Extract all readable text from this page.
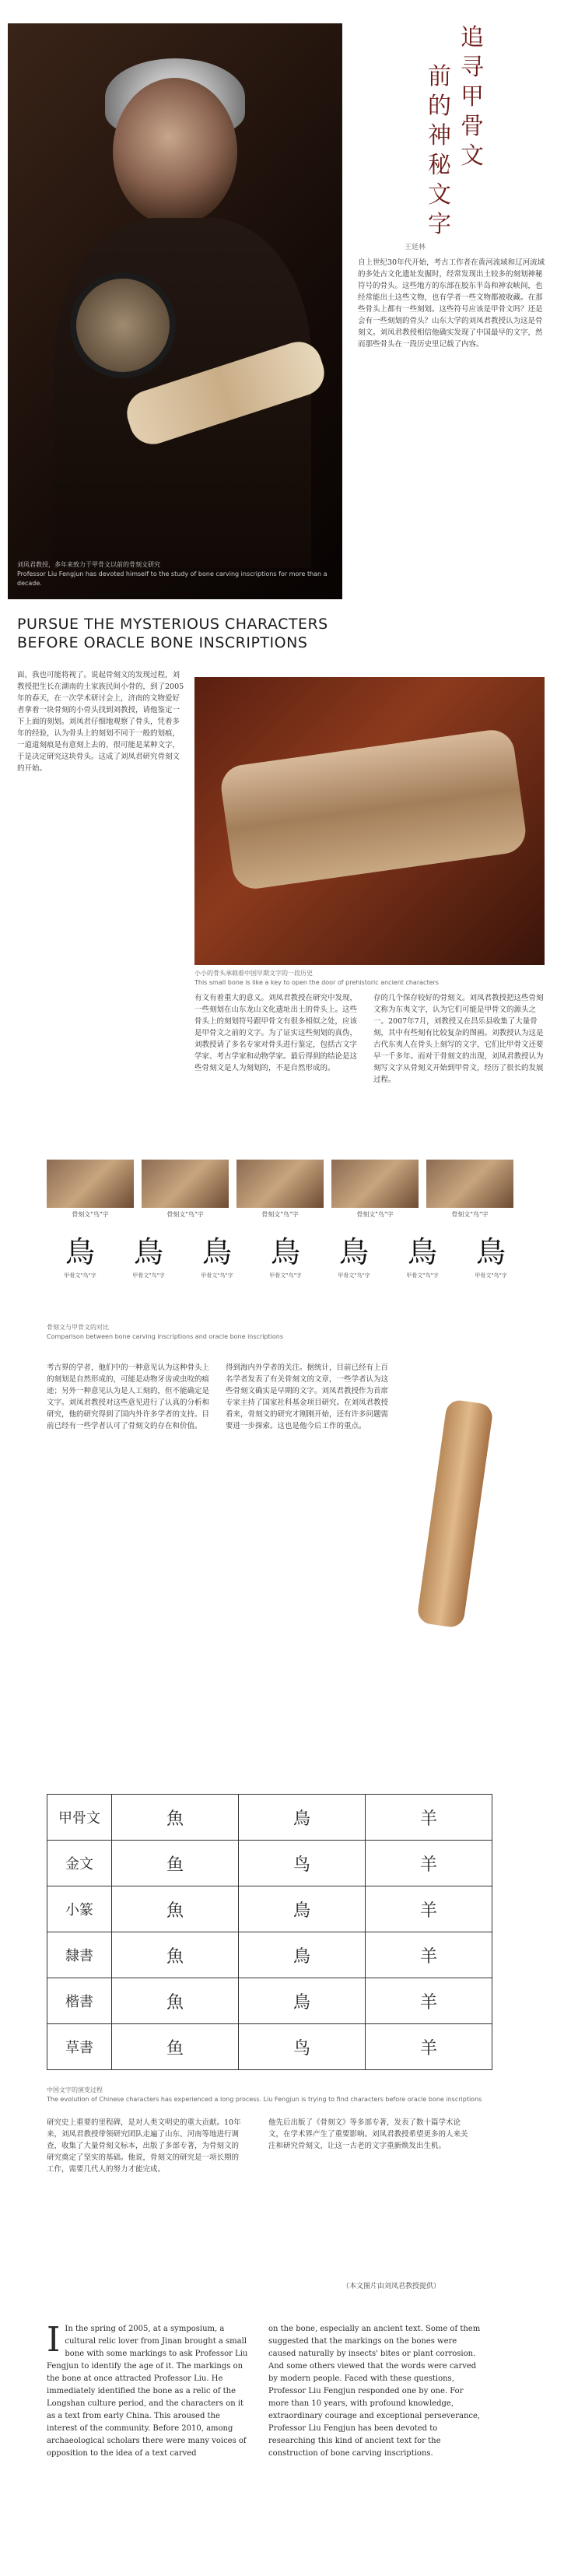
刘凤君教授，多年来致力于甲骨文以前的骨刻文研究
Professor Liu Fengjun has devoted himself to the study of bone carving inscriptions for more than a decade.
追寻甲骨文
前的神秘文字
王延林
自上世纪30年代开始，考古工作者在黄河流域和辽河流域的多处古文化遗址发掘时，经常发现出土较多的刻划神秘符号的骨头。这些地方的东部在胶东半岛和神农峡间，也经常能出土这些文物，也有学者一些文物都被收藏。在那些骨头上都有一些刻划。这些符号应该是甲骨文吗？还是会有一些刻划的骨头？山东大学的刘凤君教授认为这是骨刻文。刘凤君教授相信他确实发现了中国最早的文字，然而那些骨头在一段历史里记载了内容。
PURSUE THE MYSTERIOUS CHARACTERS
BEFORE ORACLE BONE INSCRIPTIONS
面，我也可能将视了。说起骨刻文的发现过程，刘教授把生长在湖南的土家族民间小骨的，到了2005年的春天，在一次学术研讨会上，济南的文物爱好者拿着一块骨刻的小骨头找到刘教授，请他鉴定一下上面的刻划。刘凤君仔细地观察了骨头，凭着多年的经验，认为骨头上的刻划不同于一般的划痕，一道道刻痕是有意刻上去的，很可能是某种文字，于是决定研究这块骨头。这成了刘凤君研究骨刻文的开始。
小小的骨头承载着中国早期文字的一段历史
This small bone is like a key to open the door of prehistoric ancient characters
有文有着重大的意义。刘凤君教授在研究中发现，一些刻划在山东龙山文化遗址出土的骨头上。这些骨头上的刻划符号跟甲骨文有很多相似之处，应该是甲骨文之前的文字。为了证实这些刻划的真伪，刘教授请了多名专家对骨头进行鉴定，包括古文字学家、考古学家和动物学家。最后得到的结论是这些骨刻文是人为刻划的，不是自然形成的。
存的几个保存较好的骨刻文。刘凤君教授把这些骨刻文称为东夷文字，认为它们可能是甲骨文的源头之一。2007年7月，刘教授又在昌乐县收集了大量骨刻，其中有些刻有比较复杂的图画。刘教授认为这是古代东夷人在骨头上刻写的文字，它们比甲骨文还要早一千多年。而对于骨刻文的出现，刘凤君教授认为刻写文字从骨刻文开始到甲骨文，经历了很长的发展过程。
骨刻文"鸟"字	骨刻文"鸟"字	骨刻文"鸟"字	骨刻文"鸟"字	骨刻文"鸟"字
鳥
甲骨文"鸟"字
鳥
甲骨文"鸟"字
鳥
甲骨文"鸟"字
鳥
甲骨文"鸟"字
鳥
甲骨文"鸟"字
鳥
甲骨文"鸟"字
鳥
甲骨文"鸟"字
骨刻文与甲骨文的对比
Comparison between bone carving inscriptions and oracle bone inscriptions
考古界的学者，他们中的一种意见认为这种骨头上的刻划是自然形成的，可能是动物牙齿或虫咬的痕迹；另外一种意见认为是人工刻的，但不能确定是文字。刘凤君教授对这些意见进行了认真的分析和研究，他的研究得到了国内外许多学者的支持。目前已经有一些学者认可了骨刻文的存在和价值。
得到海内外学者的关注。据统计，目前已经有上百名学者发表了有关骨刻文的文章，一些学者认为这些骨刻文确实是早期的文字。刘凤君教授作为首席专家主持了国家社科基金项目研究。在刘凤君教授看来，骨刻文的研究才刚刚开始，还有许多问题需要进一步探索。这也是他今后工作的重点。
甲骨文	魚	鳥	羊
金文	鱼	鸟	羊
小篆	魚	鳥	羊
隸書	魚	鳥	羊
楷書	魚	鳥	羊
草書	鱼	鸟	羊
中国文字的演变过程
The evolution of Chinese characters has experienced a long process. Liu Fengjun is trying to find characters before oracle bone inscriptions
研究史上重要的里程碑，是对人类文明史的重大贡献。10年来，刘凤君教授带领研究团队走遍了山东、河南等地进行调查，收集了大量骨刻文标本，出版了多部专著，为骨刻文的研究奠定了坚实的基础。他说，骨刻文的研究是一项长期的工作，需要几代人的努力才能完成。
他先后出版了《骨刻文》等多部专著，发表了数十篇学术论文，在学术界产生了重要影响。刘凤君教授希望更多的人来关注和研究骨刻文，让这一古老的文字重新焕发出生机。
（本文图片由刘凤君教授提供）
I In the spring of 2005, at a symposium, a cultural relic lover from Jinan brought a small bone with some markings to ask Professor Liu Fengjun to identify the age of it. The markings on the bone at once attracted Professor Liu. He immediately identified the bone as a relic of the Longshan culture period, and the characters on it as a text from early China. This aroused the interest of the community. Before 2010, among archaeological scholars there were many voices of opposition to the idea of a text carved
on the bone, especially an ancient text. Some of them suggested that the markings on the bones were caused naturally by insects' bites or plant corrosion. And some others viewed that the words were carved by modern people. Faced with these questions, Professor Liu Fengjun responded one by one. For more than 10 years, with profound knowledge, extraordinary courage and exceptional perseverance, Professor Liu Fengjun has been devoted to researching this kind of ancient text for the construction of bone carving inscriptions.
